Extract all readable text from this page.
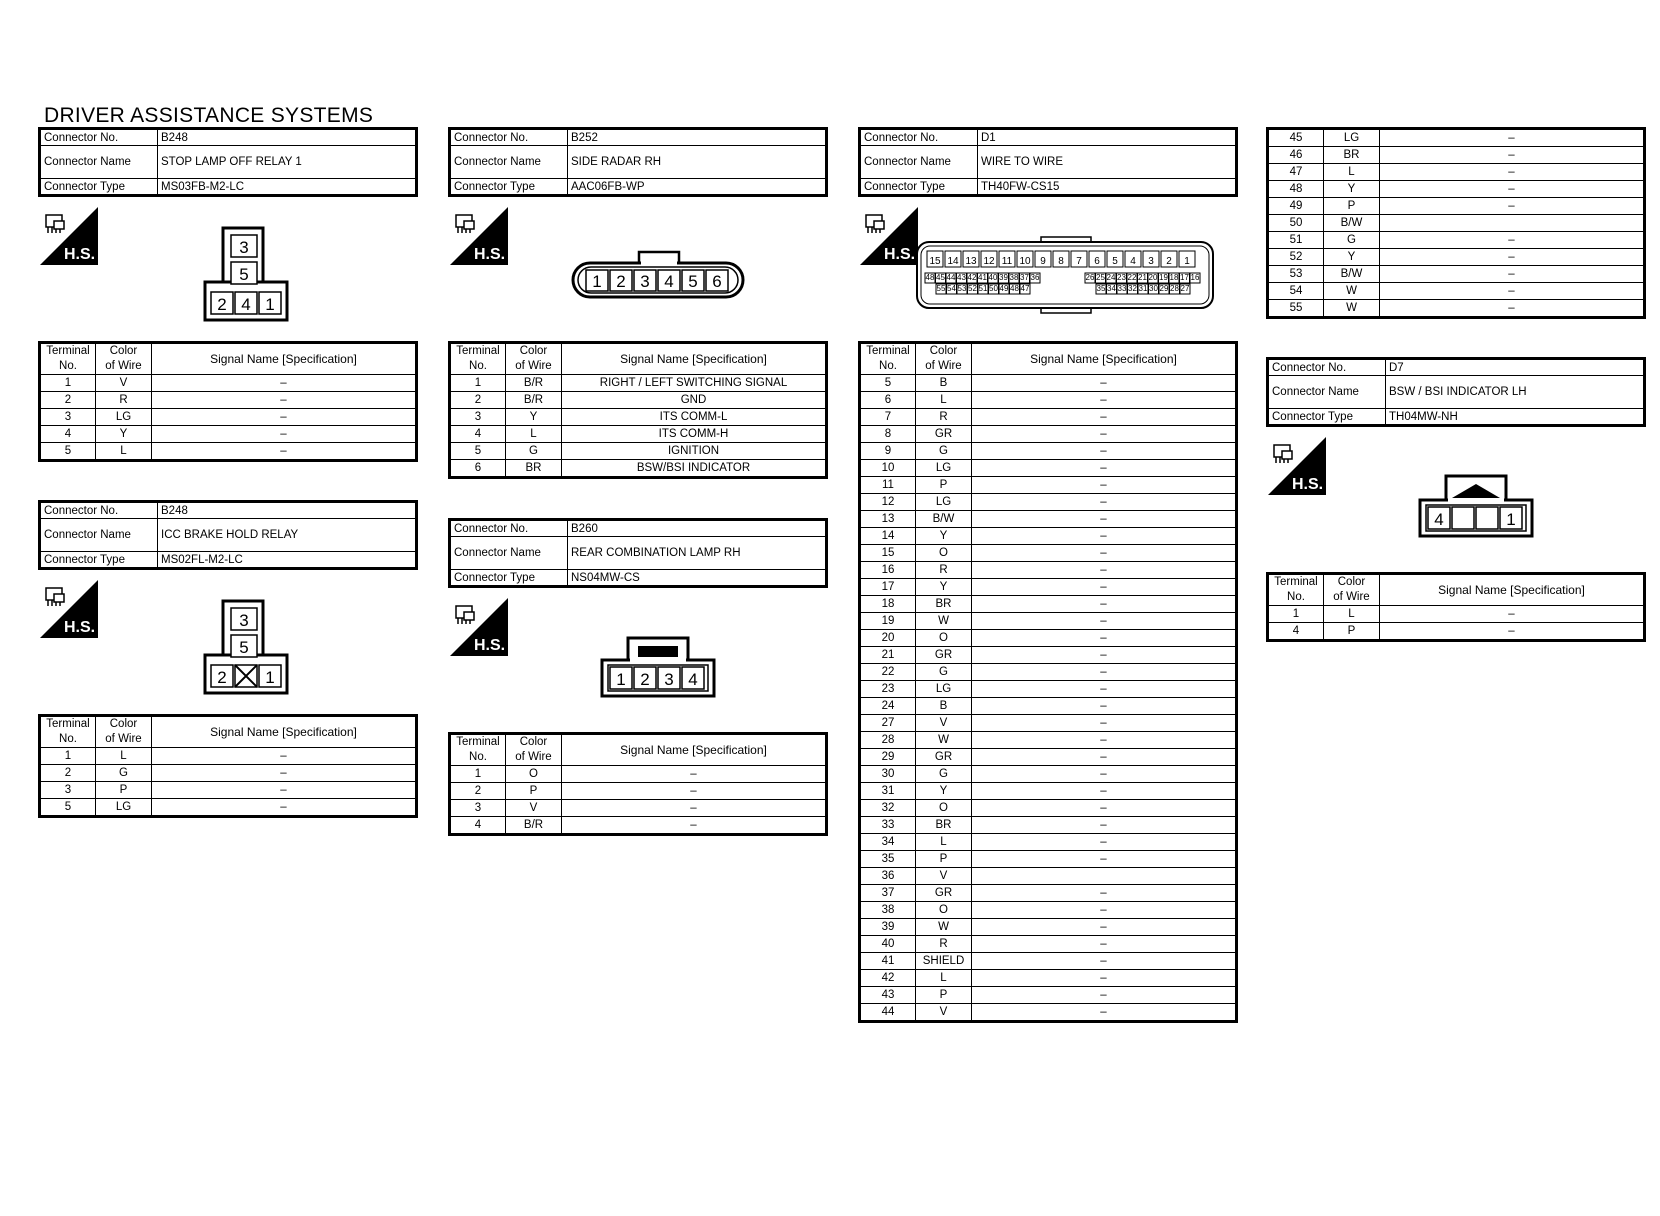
DRIVER ASSISTANCE SYSTEMS
Connector No.	B248
Connector Name	STOP LAMP OFF RELAY 1
Connector Type	MS03FB-M2-LC
H.S.	3
5
2 4 1
Terminal
No.	Color
of Wire	Signal Name [Specification]
1	V	–
2	R	–
3	LG	–
4	Y	–
5	L	–
Connector No.	B248
Connector Name	ICC BRAKE HOLD RELAY
Connector Type	MS02FL-M2-LC
H.S.	3
5
2 1
Terminal
No.	Color
of Wire	Signal Name [Specification]
1	L	–
2	G	–
3	P	–
5	LG	–
Connector No.	B252
Connector Name	SIDE RADAR RH
Connector Type	AAC06FB-WP
H.S.
1 2 3 4 5 6
Terminal
No.	Color
of Wire	Signal Name [Specification]
1	B/R	RIGHT / LEFT SWITCHING SIGNAL
2	B/R	GND
3	Y	ITS COMM-L
4	L	ITS COMM-H
5	G	IGNITION
6	BR	BSW/BSI INDICATOR
Connector No.	B260
Connector Name	REAR COMBINATION LAMP RH
Connector Type	NS04MW-CS
H.S.
1 2 3 4
Terminal
No.	Color
of Wire	Signal Name [Specification]
1	O	–
2	P	–
3	V	–
4	B/R	–
Connector No.	D1
Connector Name	WIRE TO WIRE
Connector Type	TH40FW-CS15
H.S. 15 14 13 12 11 10 9 8 7 6 5 4 3 2 1
48 45 44 43 42 41 40 39 38 37 36	26 25 24 23 22 21 20 19 18 17 16
55 54 53 52 51 50 49 48 47	35 34 33 32 31 30 29 28 27
Terminal
No.	Color
of Wire	Signal Name [Specification]
5	B	–
6	L	–
7	R	–
8	GR	–
9	G	–
10	LG	–
11	P	–
12	LG	–
13	B/W	–
14	Y	–
15	O	–
16	R	–
17	Y	–
18	BR	–
19	W	–
20	O	–
21	GR	–
22	G	–
23	LG	–
24	B	–
27	V	–
28	W	–
29	GR	–
30	G	–
31	Y	–
32	O	–
33	BR	–
34	L	–
35	P	–
36	V	
37	GR	–
38	O	–
39	W	–
40	R	–
41	SHIELD	–
42	L	–
43	P	–
44	V	–
45	LG	–
46	BR	–
47	L	–
48	Y	–
49	P	–
50	B/W	
51	G	–
52	Y	–
53	B/W	–
54	W	–
55	W	–
Connector No.	D7
Connector Name	BSW / BSI INDICATOR LH
Connector Type	TH04MW-NH
H.S.
4	1
Terminal
No.	Color
of Wire	Signal Name [Specification]
1	L	–
4	P	–
